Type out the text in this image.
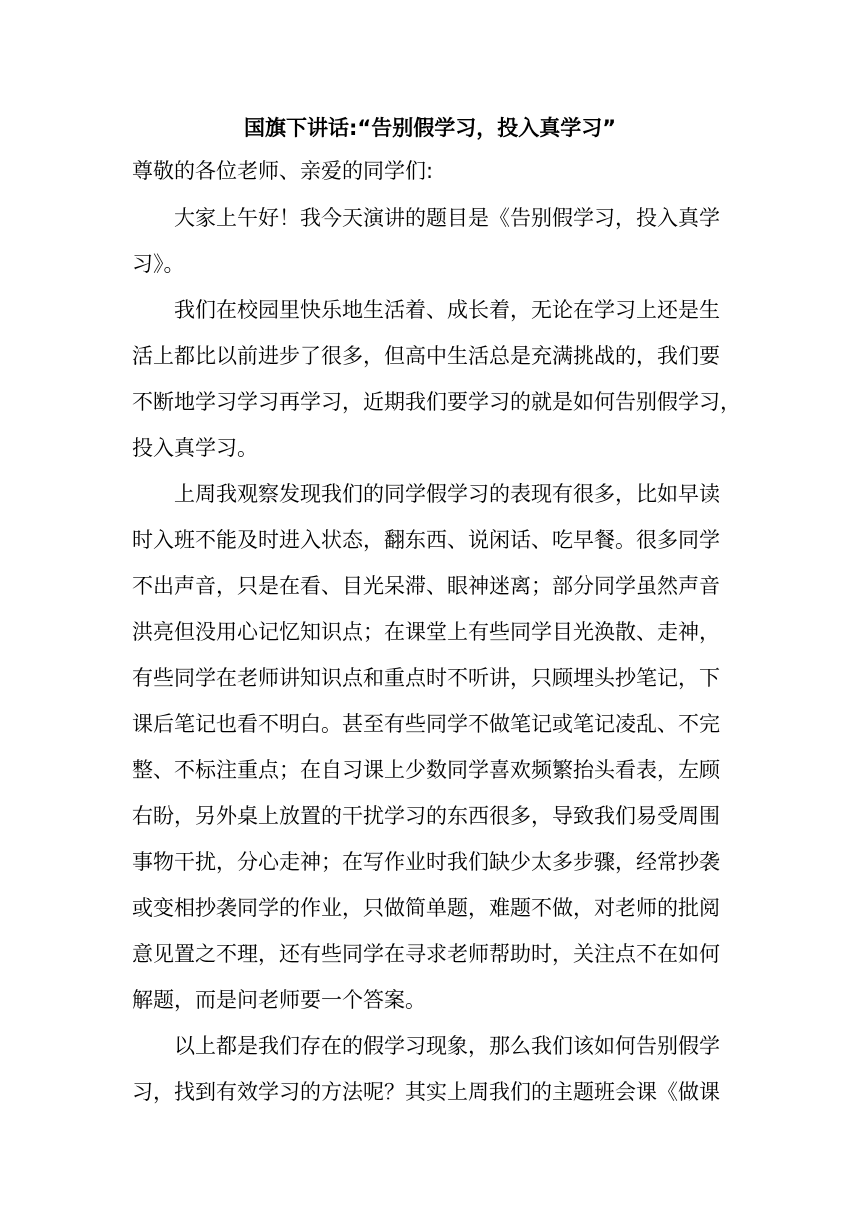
国旗下讲话:“告别假学习，投入真学习”
尊敬的各位老师、亲爱的同学们:
大家上午好！我今天演讲的题目是《告别假学习，投入真学
习》。
我们在校园里快乐地生活着、成长着，无论在学习上还是生
活上都比以前进步了很多，但高中生活总是充满挑战的，我们要
不断地学习学习再学习，近期我们要学习的就是如何告别假学习，
投入真学习。
上周我观察发现我们的同学假学习的表现有很多，比如早读
时入班不能及时进入状态，翻东西、说闲话、吃早餐。很多同学
不出声音，只是在看、目光呆滞、眼神迷离；部分同学虽然声音
洪亮但没用心记忆知识点；在课堂上有些同学目光涣散、走神，
有些同学在老师讲知识点和重点时不听讲，只顾埋头抄笔记，下
课后笔记也看不明白。甚至有些同学不做笔记或笔记凌乱、不完
整、不标注重点；在自习课上少数同学喜欢频繁抬头看表，左顾
右盼，另外桌上放置的干扰学习的东西很多，导致我们易受周围
事物干扰，分心走神；在写作业时我们缺少太多步骤，经常抄袭
或变相抄袭同学的作业，只做简单题，难题不做，对老师的批阅
意见置之不理，还有些同学在寻求老师帮助时，关注点不在如何
解题，而是问老师要一个答案。
以上都是我们存在的假学习现象，那么我们该如何告别假学
习，找到有效学习的方法呢？其实上周我们的主题班会课《做课
